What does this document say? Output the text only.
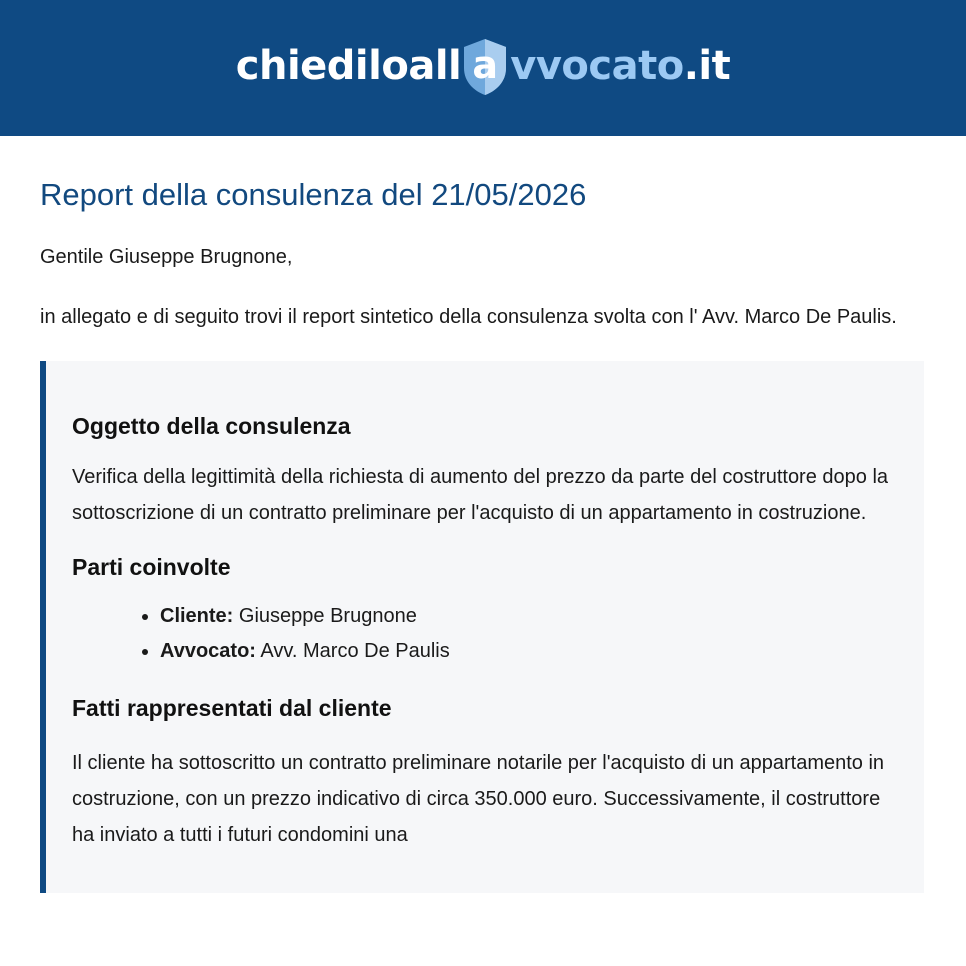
chiediloall a vvocato .it
Report della consulenza del 21/05/2026

Gentile Giuseppe Brugnone,

in allegato e di seguito trovi il report sintetico della consulenza svolta con l' Avv. Marco De Paulis.

Oggetto della consulenza

Verifica della legittimità della richiesta di aumento del prezzo da parte del costruttore dopo la sottoscrizione di un contratto preliminare per l'acquisto di un appartamento in costruzione.

Parti coinvolte
• Cliente: Giuseppe Brugnone
• Avvocato: Avv. Marco De Paulis
Fatti rappresentati dal cliente

Il cliente ha sottoscritto un contratto preliminare notarile per l'acquisto di un appartamento in costruzione, con un prezzo indicativo di circa 350.000 euro. Successivamente, il costruttore ha inviato a tutti i futuri condomini una
